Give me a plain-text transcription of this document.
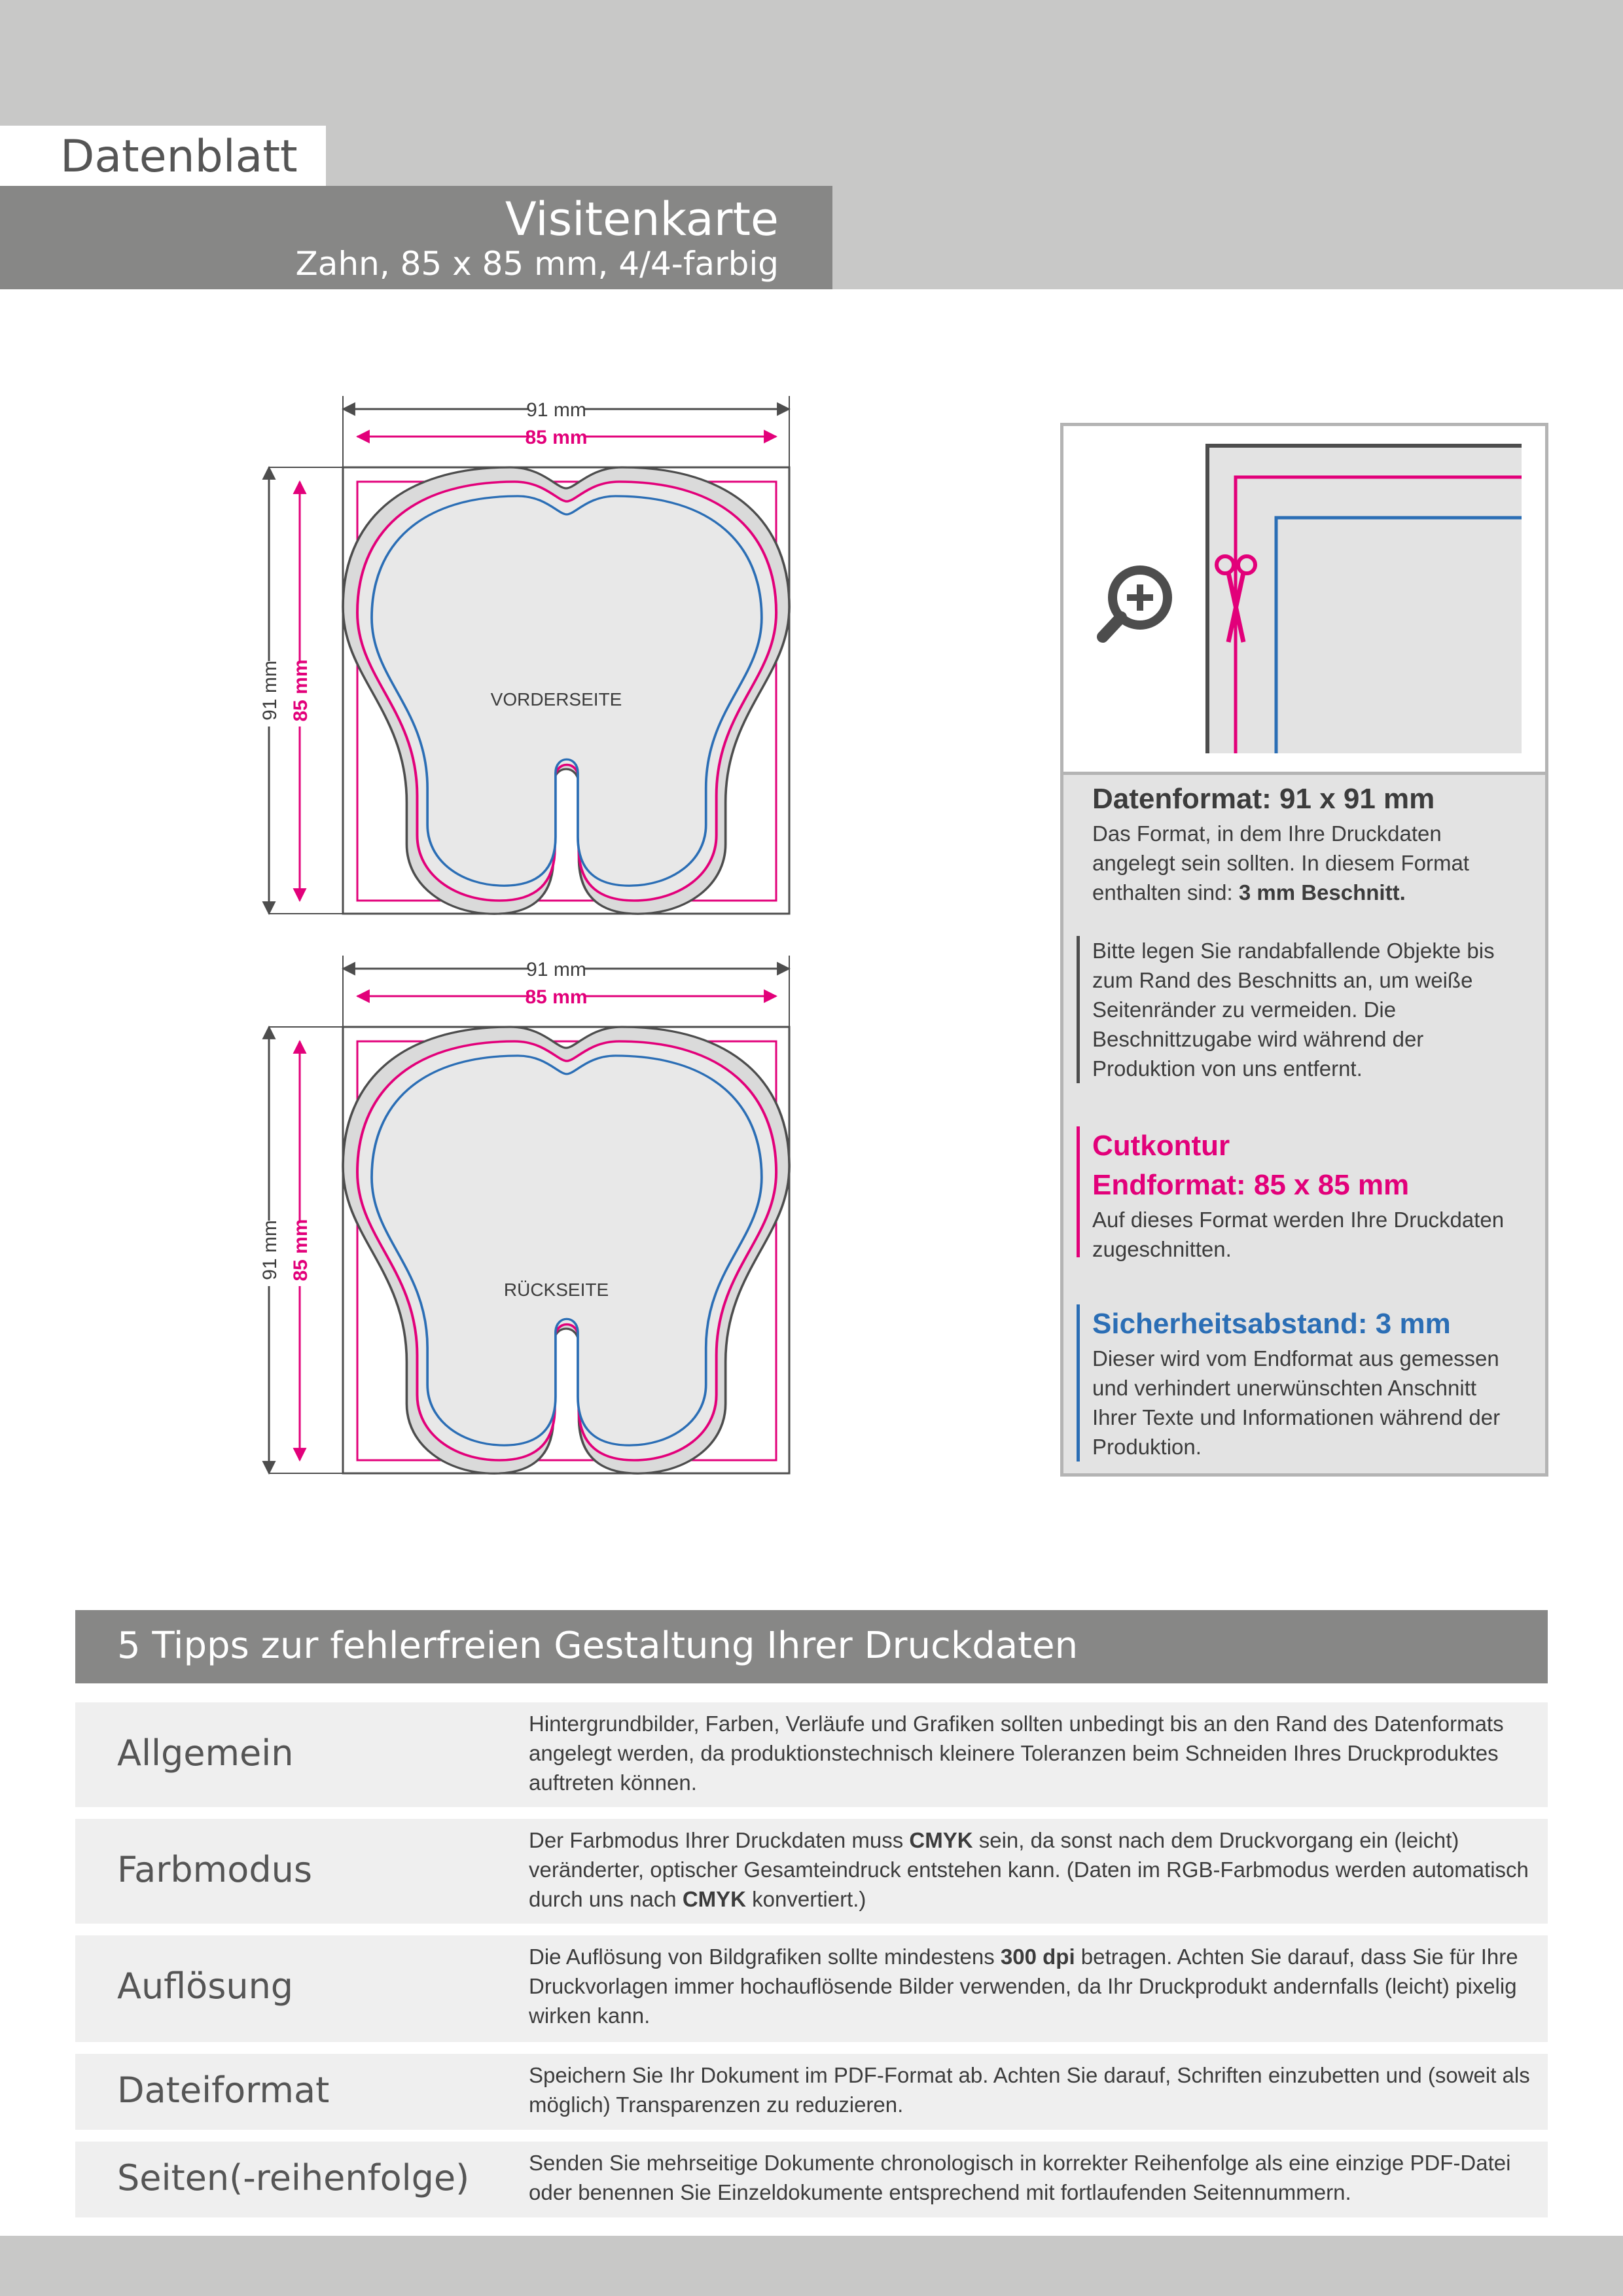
Datenblatt
Visitenkarte
Zahn, 85 x 85 mm, 4/4-farbig
VORDERSEITE
91 mm
85 mm
91 mm 85 mm
RÜCKSEITE
91 mm
85 mm
91 mm 85 mm
Datenformat: 91 x 91 mm

Das Format, in dem Ihre Druckdaten angelegt sein sollten. In diesem Format enthalten sind: 3 mm Beschnitt.

Bitte legen Sie randabfallende Objekte bis zum Rand des Beschnitts an, um weiße Seitenränder zu vermeiden. Die Beschnittzugabe wird während der Produktion von uns entfernt.

Cutkontur
Endformat: 85 x 85 mm

Auf dieses Format werden Ihre Druckdaten zugeschnitten.

Sicherheitsabstand: 3 mm

Dieser wird vom Endformat aus gemessen und verhindert unerwünschten Anschnitt Ihrer Texte und Informationen während der Produktion.

5 Tipps zur fehlerfreien Gestaltung Ihrer Druckdaten
Allgemein
Hintergrundbilder, Farben, Verläufe und Grafiken sollten unbedingt bis an den Rand des Datenformats angelegt werden, da produktionstechnisch kleinere Toleranzen beim Schneiden Ihres Druckproduktes auftreten können.
Farbmodus
Der Farbmodus Ihrer Druckdaten muss CMYK sein, da sonst nach dem Druckvorgang ein (leicht) veränderter, optischer Gesamteindruck entstehen kann. (Daten im RGB-Farbmodus werden automatisch durch uns nach CMYK konvertiert.)
Auflösung
Die Auflösung von Bildgrafiken sollte mindestens 300 dpi betragen. Achten Sie darauf, dass Sie für Ihre Druckvorlagen immer hochauflösende Bilder verwenden, da Ihr Druckprodukt andernfalls (leicht) pixelig wirken kann.
Dateiformat	Speichern Sie Ihr Dokument im PDF-Format ab. Achten Sie darauf, Schriften einzubetten und (soweit als möglich) Transparenzen zu reduzieren.
Seiten(-reihenfolge)	Senden Sie mehrseitige Dokumente chronologisch in korrekter Reihenfolge als eine einzige PDF-Datei oder benennen Sie Einzeldokumente entsprechend mit fortlaufenden Seitennummern.
